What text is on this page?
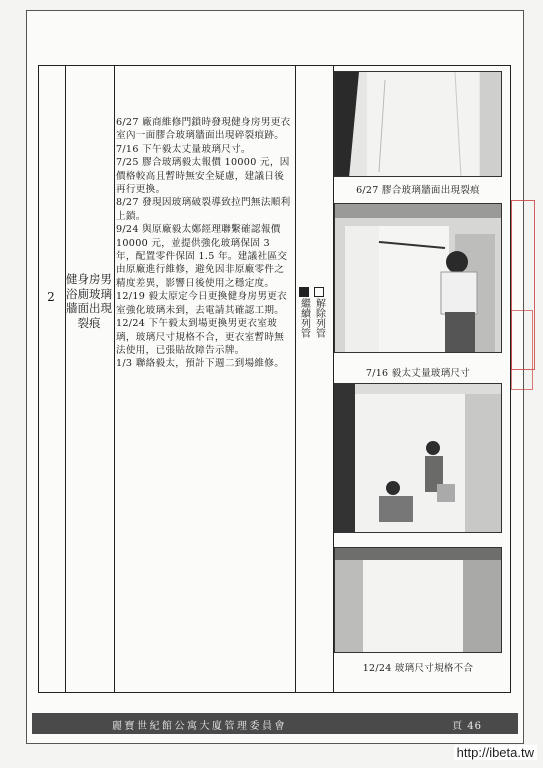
2
健身房男浴廁玻璃牆面出現裂痕
6/27 廠商維修門鎖時發現健身房男更衣室內一面膠合玻璃牆面出現碎裂痕跡。
7/16 下午毅太丈量玻璃尺寸。
7/25 膠合玻璃毅太報價 10000 元，因價格較高且暫時無安全疑慮，建議日後再行更換。
8/27 發現因玻璃破裂導致拉門無法順利上鎖。
9/24 與原廠毅太鄭經理聯繫確認報價 10000 元，並提供強化玻璃保固 3 年，配置零件保固 1.5 年。建議社區交由原廠進行維修，避免因非原廠零件之精度差異，影響日後使用之穩定度。
12/19 毅太原定今日更換健身房男更衣室強化玻璃未到，去電請其確認工期。
12/24 下午毅太到場更換男更衣室玻璃，玻璃尺寸規格不合，更衣室暫時無法使用，已張貼故障告示牌。
1/3 聯絡毅太，預計下週二到場維修。
繼續列管 解除列管
6/27 膠合玻璃牆面出現裂痕
7/16 毅太丈量玻璃尺寸
12/24 玻璃尺寸規格不合
麗寶世紀館公寓大廈管理委員會	頁 46
http://ibeta.tw
